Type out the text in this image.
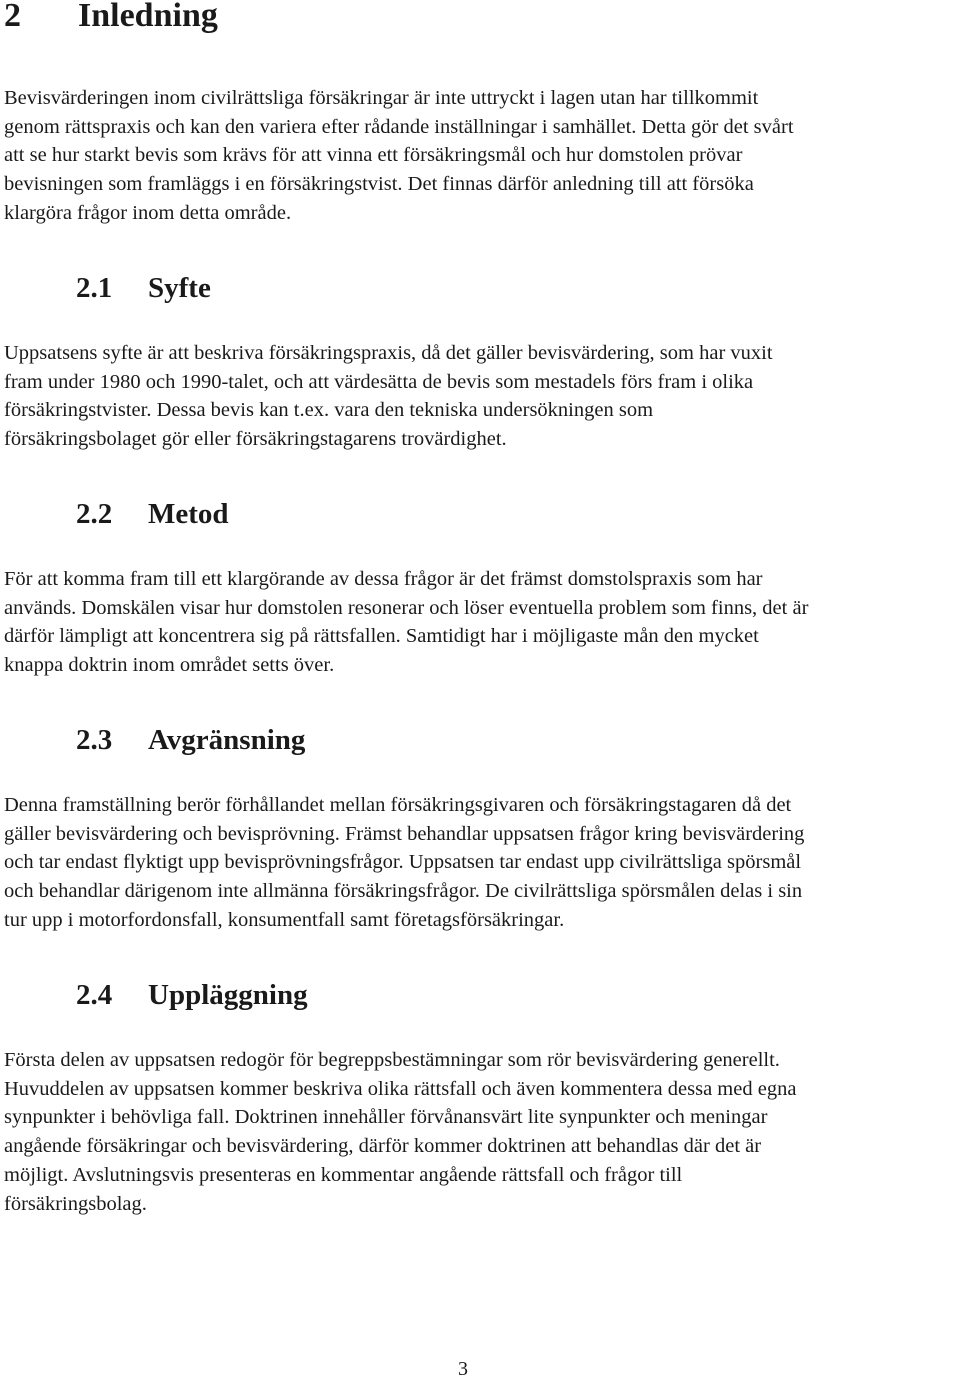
2 Inledning

Bevisvärderingen inom civilrättsliga försäkringar är inte uttryckt i lagen utan har tillkommit
genom rättspraxis och kan den variera efter rådande inställningar i samhället. Detta gör det svårt
att se hur starkt bevis som krävs för att vinna ett försäkringsmål och hur domstolen prövar
bevisningen som framläggs i en försäkringstvist. Det finnas därför anledning till att försöka
klargöra frågor inom detta område.

2.1 Syfte

Uppsatsens syfte är att beskriva försäkringspraxis, då det gäller bevisvärdering, som har vuxit
fram under 1980 och 1990-talet, och att värdesätta de bevis som mestadels förs fram i olika
försäkringstvister. Dessa bevis kan t.ex. vara den tekniska undersökningen som
försäkringsbolaget gör eller försäkringstagarens trovärdighet.

2.2 Metod

För att komma fram till ett klargörande av dessa frågor är det främst domstolspraxis som har
används. Domskälen visar hur domstolen resonerar och löser eventuella problem som finns, det är
därför lämpligt att koncentrera sig på rättsfallen. Samtidigt har i möjligaste mån den mycket
knappa doktrin inom området setts över.

2.3 Avgränsning

Denna framställning berör förhållandet mellan försäkringsgivaren och försäkringstagaren då det
gäller bevisvärdering och bevisprövning. Främst behandlar uppsatsen frågor kring bevisvärdering
och tar endast flyktigt upp bevisprövningsfrågor. Uppsatsen tar endast upp civilrättsliga spörsmål
och behandlar därigenom inte allmänna försäkringsfrågor. De civilrättsliga spörsmålen delas i sin
tur upp i motorfordonsfall, konsumentfall samt företagsförsäkringar.

2.4 Uppläggning

Första delen av uppsatsen redogör för begreppsbestämningar som rör bevisvärdering generellt.
Huvuddelen av uppsatsen kommer beskriva olika rättsfall och även kommentera dessa med egna
synpunkter i behövliga fall. Doktrinen innehåller förvånansvärt lite synpunkter och meningar
angående försäkringar och bevisvärdering, därför kommer doktrinen att behandlas där det är
möjligt. Avslutningsvis presenteras en kommentar angående rättsfall och frågor till
försäkringsbolag.

3
